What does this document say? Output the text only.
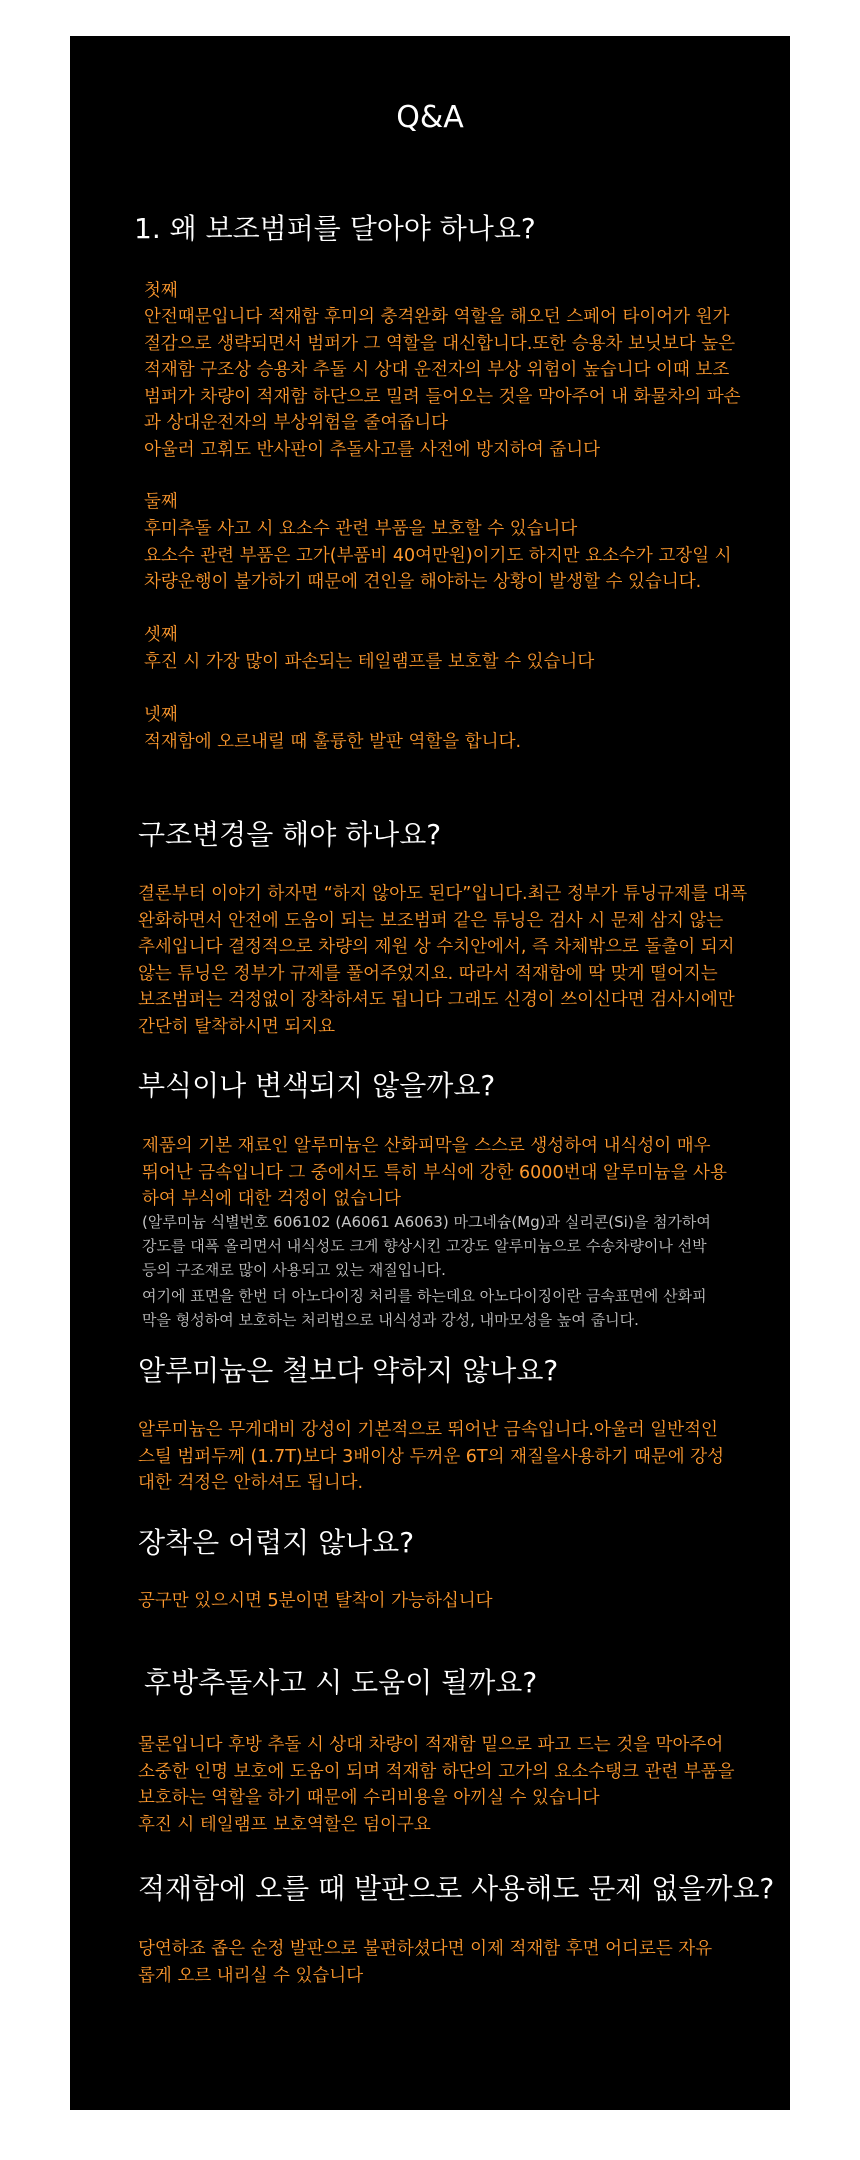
Q&A
1. 왜 보조범퍼를 달아야 하나요?

첫째

안전때문입니다 적재함 후미의 충격완화 역할을 해오던 스페어 타이어가 원가
절감으로 생략되면서 범퍼가 그 역할을 대신합니다.또한 승용차 보닛보다 높은
적재함 구조상 승용차 추돌 시 상대 운전자의 부상 위험이 높습니다 이때 보조
범퍼가 차량이 적재함 하단으로 밀려 들어오는 것을 막아주어 내 화물차의 파손
과 상대운전자의 부상위험을 줄여줍니다
아울러 고휘도 반사판이 추돌사고를 사전에 방지하여 줍니다

둘째

후미추돌 사고 시 요소수 관련 부품을 보호할 수 있습니다
요소수 관련 부품은 고가(부품비 40여만원)이기도 하지만 요소수가 고장일 시
차량운행이 불가하기 때문에 견인을 해야하는 상황이 발생할 수 있습니다.

셋째

후진 시 가장 많이 파손되는 테일램프를 보호할 수 있습니다

넷째

적재함에 오르내릴 때 훌륭한 발판 역할을 합니다.

구조변경을 해야 하나요?

결론부터 이야기 하자면 “하지 않아도 된다”입니다.최근 정부가 튜닝규제를 대폭
완화하면서 안전에 도움이 되는 보조범퍼 같은 튜닝은 검사 시 문제 삼지 않는
추세입니다 결정적으로 차량의 제원 상 수치안에서, 즉 차체밖으로 돌출이 되지
않는 튜닝은 정부가 규제를 풀어주었지요. 따라서 적재함에 딱 맞게 떨어지는
보조범퍼는 걱정없이 장착하셔도 됩니다 그래도 신경이 쓰이신다면 검사시에만
간단히 탈착하시면 되지요

부식이나 변색되지 않을까요?

제품의 기본 재료인 알루미늄은 산화피막을 스스로 생성하여 내식성이 매우
뛰어난 금속입니다 그 중에서도 특히 부식에 강한 6000번대 알루미늄을 사용
하여 부식에 대한 걱정이 없습니다

(알루미늄 식별번호 606102 (A6061 A6063) 마그네슘(Mg)과 실리콘(Si)을 첨가하여
강도를 대폭 올리면서 내식성도 크게 향상시킨 고강도 알루미늄으로 수송차량이나 선박
등의 구조재로 많이 사용되고 있는 재질입니다.

여기에 표면을 한번 더 아노다이징 처리를 하는데요 아노다이징이란 금속표면에 산화피
막을 형성하여 보호하는 처리법으로 내식성과 강성, 내마모성을 높여 줍니다.

알루미늄은 철보다 약하지 않나요?

알루미늄은 무게대비 강성이 기본적으로 뛰어난 금속입니다.아울러 일반적인
스틸 범퍼두께 (1.7T)보다 3배이상 두꺼운 6T의 재질을사용하기 때문에 강성
대한 걱정은 안하셔도 됩니다.

장착은 어렵지 않나요?

공구만 있으시면 5분이면 탈착이 가능하십니다

후방추돌사고 시 도움이 될까요?

물론입니다 후방 추돌 시 상대 차량이 적재함 밑으로 파고 드는 것을 막아주어
소중한 인명 보호에 도움이 되며 적재함 하단의 고가의 요소수탱크 관련 부품을
보호하는 역할을 하기 때문에 수리비용을 아끼실 수 있습니다
후진 시 테일램프 보호역할은 덤이구요

적재함에 오를 때 발판으로 사용해도 문제 없을까요?

당연하죠 좁은 순정 발판으로 불편하셨다면 이제 적재함 후면 어디로든 자유
롭게 오르 내리실 수 있습니다
